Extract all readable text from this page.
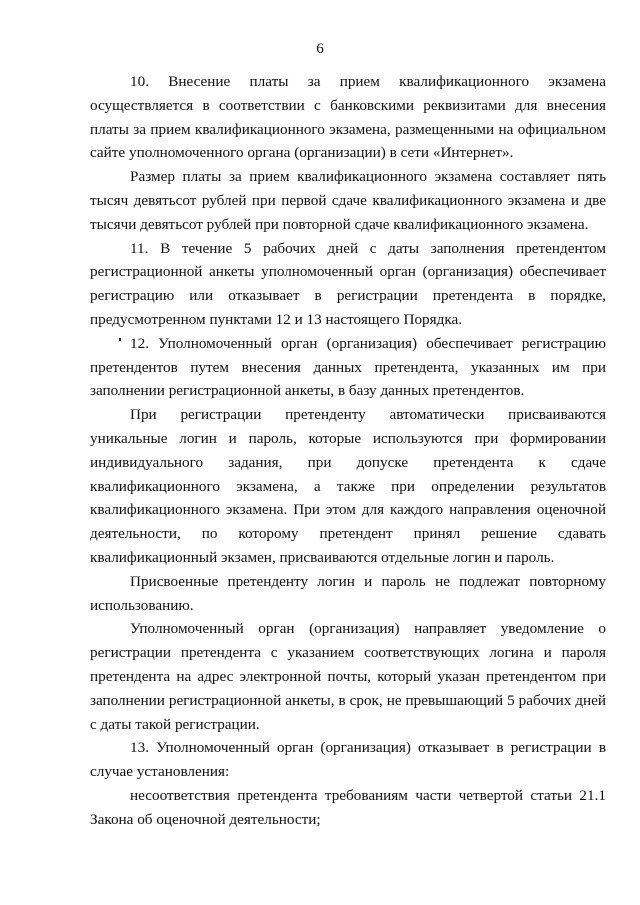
6

10. Внесение платы за прием квалификационного экзамена осуществляется в соответствии с банковскими реквизитами для внесения платы за прием квалификационного экзамена, размещенными на официальном сайте уполномоченного органа (организации) в сети «Интернет».

Размер платы за прием квалификационного экзамена составляет пять тысяч девятьсот рублей при первой сдаче квалификационного экзамена и две тысячи девятьсот рублей при повторной сдаче квалификационного экзамена.

11. В течение 5 рабочих дней с даты заполнения претендентом регистрационной анкеты уполномоченный орган (организация) обеспечивает регистрацию или отказывает в регистрации претендента в порядке, предусмотренном пунктами 12 и 13 настоящего Порядка.

12. Уполномоченный орган (организация) обеспечивает регистрацию претендентов путем внесения данных претендента, указанных им при заполнении регистрационной анкеты, в базу данных претендентов.

При регистрации претенденту автоматически присваиваются уникальные логин и пароль, которые используются при формировании индивидуального задания, при допуске претендента к сдаче квалификационного экзамена, а также при определении результатов квалификационного экзамена. При этом для каждого направления оценочной деятельности, по которому претендент принял решение сдавать квалификационный экзамен, присваиваются отдельные логин и пароль.

Присвоенные претенденту логин и пароль не подлежат повторному использованию.

Уполномоченный орган (организация) направляет уведомление о регистрации претендента с указанием соответствующих логина и пароля претендента на адрес электронной почты, который указан претендентом при заполнении регистрационной анкеты, в срок, не превышающий 5 рабочих дней с даты такой регистрации.

13. Уполномоченный орган (организация) отказывает в регистрации в случае установления:

несоответствия претендента требованиям части четвертой статьи 21.1 Закона об оценочной деятельности;
